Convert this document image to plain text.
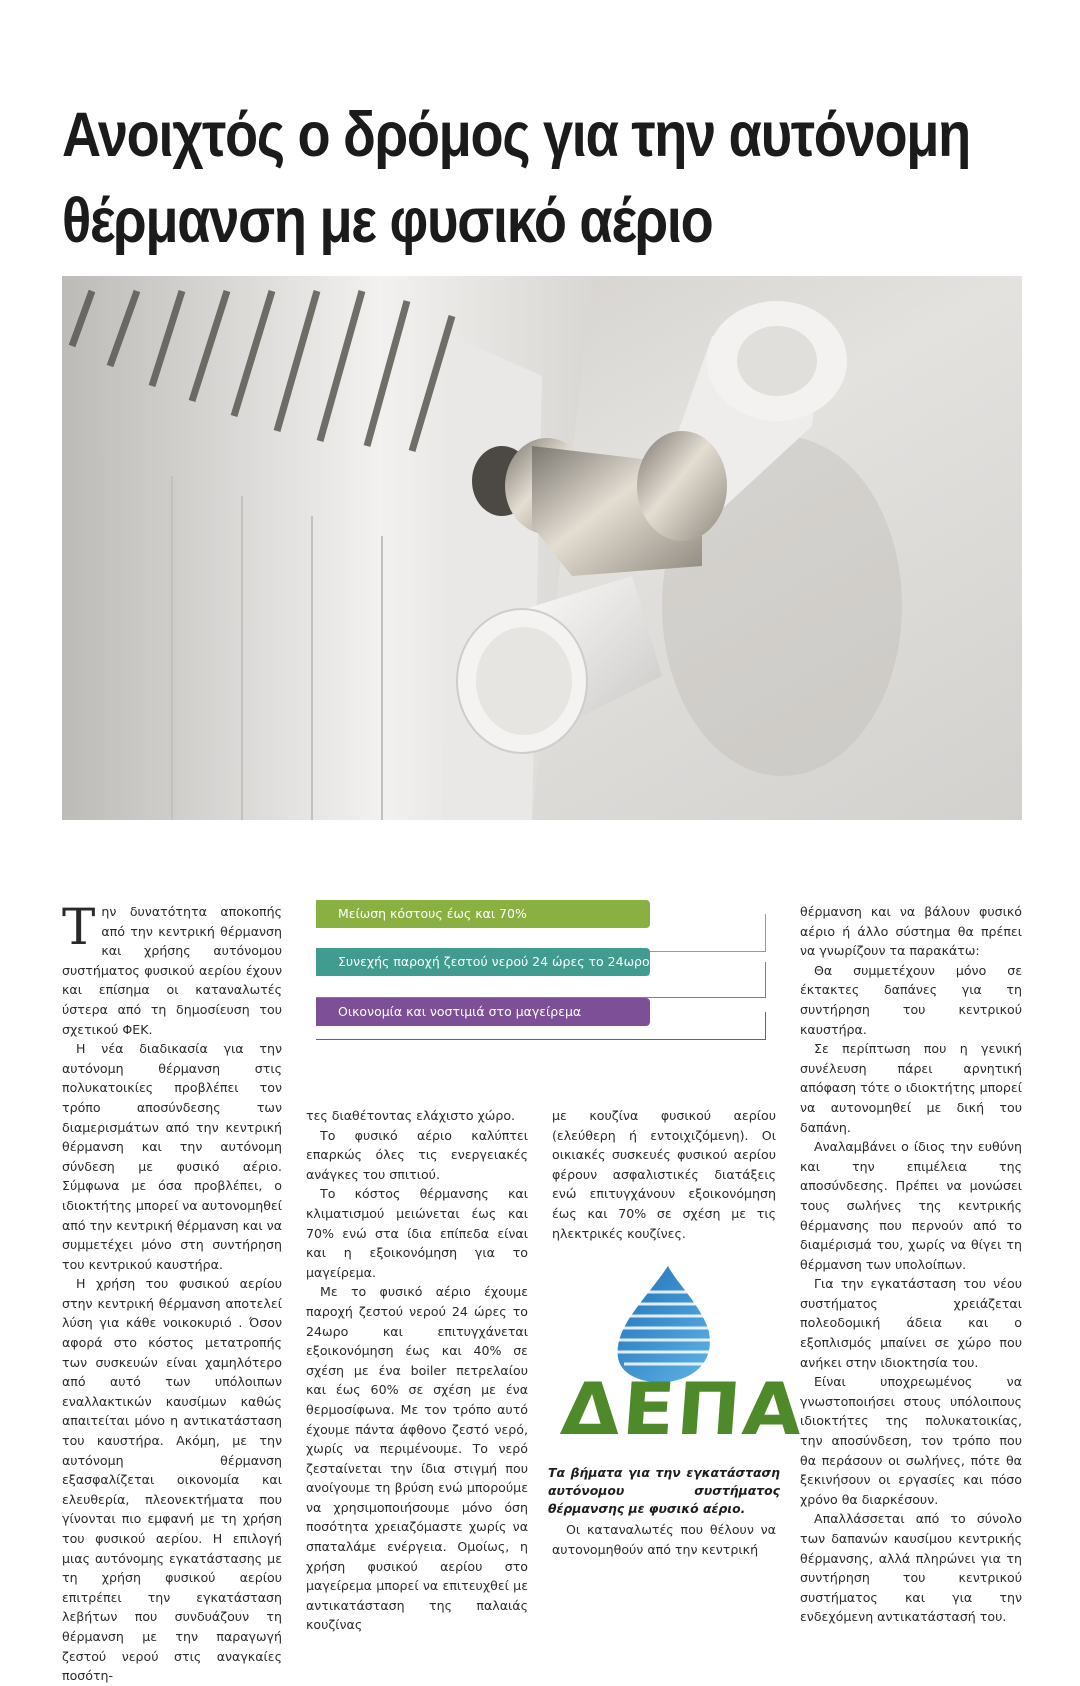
Ανοιχτός ο δρόμος για την αυτόνομη
θέρμανση με φυσικό αέριο
Μείωση κόστους έως και 70%
Συνεχής παροχή ζεστού νερού 24 ώρες το 24ωρο
Οικονομία και νοστιμιά στο μαγείρεμα

Την δυνατότητα αποκοπής από την κεντρική θέρμανση και χρήσης αυτόνομου συστήματος φυσικού αερίου έχουν και επίσημα οι καταναλωτές ύστερα από τη δημοσίευση του σχετικού ΦΕΚ.

Η νέα διαδικασία για την αυτόνομη θέρμανση στις πολυκατοικίες προβλέπει τον τρόπο αποσύνδεσης των διαμερισμάτων από την κεντρική θέρμανση και την αυτόνομη σύνδεση με φυσικό αέριο. Σύμφωνα με όσα προβλέπει, ο ιδιοκτήτης μπορεί να αυτονομηθεί από την κεντρική θέρμανση και να συμμετέχει μόνο στη συντήρηση του κεντρικού καυστήρα.

Η χρήση του φυσικού αερίου στην κεντρική θέρμανση αποτελεί λύση για κάθε νοικοκυριό . Όσον αφορά στο κόστος μετατροπής των συσκευών είναι χαμηλότερο από αυτό των υπόλοιπων εναλλακτικών καυσίμων καθώς απαιτείται μόνο η αντικατάσταση του καυστήρα. Ακόμη, με την αυτόνομη θέρμανση εξασφαλίζεται οικονομία και ελευθερία, πλεονεκτήματα που γίνονται πιο εμφανή με τη χρήση του φυσικού αερίου. Η επιλογή μιας αυτόνομης εγκατάστασης με τη χρήση φυσικού αερίου επιτρέπει την εγκατάσταση λεβήτων που συνδυάζουν τη θέρμανση με την παραγωγή ζεστού νερού στις αναγκαίες ποσότη-

τες διαθέτοντας ελάχιστο χώρο.

Το φυσικό αέριο καλύπτει επαρκώς όλες τις ενεργειακές ανάγκες του σπιτιού.

Το κόστος θέρμανσης και κλιματισμού μειώνεται έως και 70% ενώ στα ίδια επίπεδα είναι και η εξοικονόμηση για το μαγείρεμα.

Με το φυσικό αέριο έχουμε παροχή ζεστού νερού 24 ώρες το 24ωρο και επιτυγχάνεται εξοικονόμηση έως και 40% σε σχέση με ένα boiler πετρελαίου και έως 60% σε σχέση με ένα θερμοσίφωνα. Με τον τρόπο αυτό έχουμε πάντα άφθονο ζεστό νερό, χωρίς να περιμένουμε. Το νερό ζεσταίνεται την ίδια στιγμή που ανοίγουμε τη βρύση ενώ μπορούμε να χρησιμοποιήσουμε μόνο όση ποσότητα χρειαζόμαστε χωρίς να σπαταλάμε ενέργεια. Ομοίως, η χρήση φυσικού αερίου στο μαγείρεμα μπορεί να επιτευχθεί με αντικατάσταση της παλαιάς κουζίνας

με κουζίνα φυσικού αερίου (ελεύθερη ή εντοιχιζόμενη). Οι οικιακές συσκευές φυσικού αερίου φέρουν ασφαλιστικές διατάξεις ενώ επιτυγχάνουν εξοικονόμηση έως και 70% σε σχέση με τις ηλεκτρικές κουζίνες.

ΔΕΠΑ
Τα βήματα για την εγκατάσταση αυτόνομου συστήματος θέρμανσης με φυσικό αέριο.

Οι καταναλωτές που θέλουν να αυτονομηθούν από την κεντρική

θέρμανση και να βάλουν φυσικό αέριο ή άλλο σύστημα θα πρέπει να γνωρίζουν τα παρακάτω:

Θα συμμετέχουν μόνο σε έκτακτες δαπάνες για τη συντήρηση του κεντρικού καυστήρα.

Σε περίπτωση που η γενική συνέλευση πάρει αρνητική απόφαση τότε ο ιδιοκτήτης μπορεί να αυτονομηθεί με δική του δαπάνη.

Αναλαμβάνει ο ίδιος την ευθύνη και την επιμέλεια της αποσύνδεσης. Πρέπει να μονώσει τους σωλήνες της κεντρικής θέρμανσης που περνούν από το διαμέρισμά του, χωρίς να θίγει τη θέρμανση των υπολοίπων.

Για την εγκατάσταση του νέου συστήματος χρειάζεται πολεοδομική άδεια και ο εξοπλισμός μπαίνει σε χώρο που ανήκει στην ιδιοκτησία του.

Είναι υποχρεωμένος να γνωστοποιήσει στους υπόλοιπους ιδιοκτήτες της πολυκατοικίας, την αποσύνδεση, τον τρόπο που θα περάσουν οι σωλήνες, πότε θα ξεκινήσουν οι εργασίες και πόσο χρόνο θα διαρκέσουν.

Απαλλάσσεται από το σύνολο των δαπανών καυσίμου κεντρικής θέρμανσης, αλλά πληρώνει για τη συντήρηση του κεντρικού συστήματος και για την ενδεχόμενη αντικατάστασή του.
